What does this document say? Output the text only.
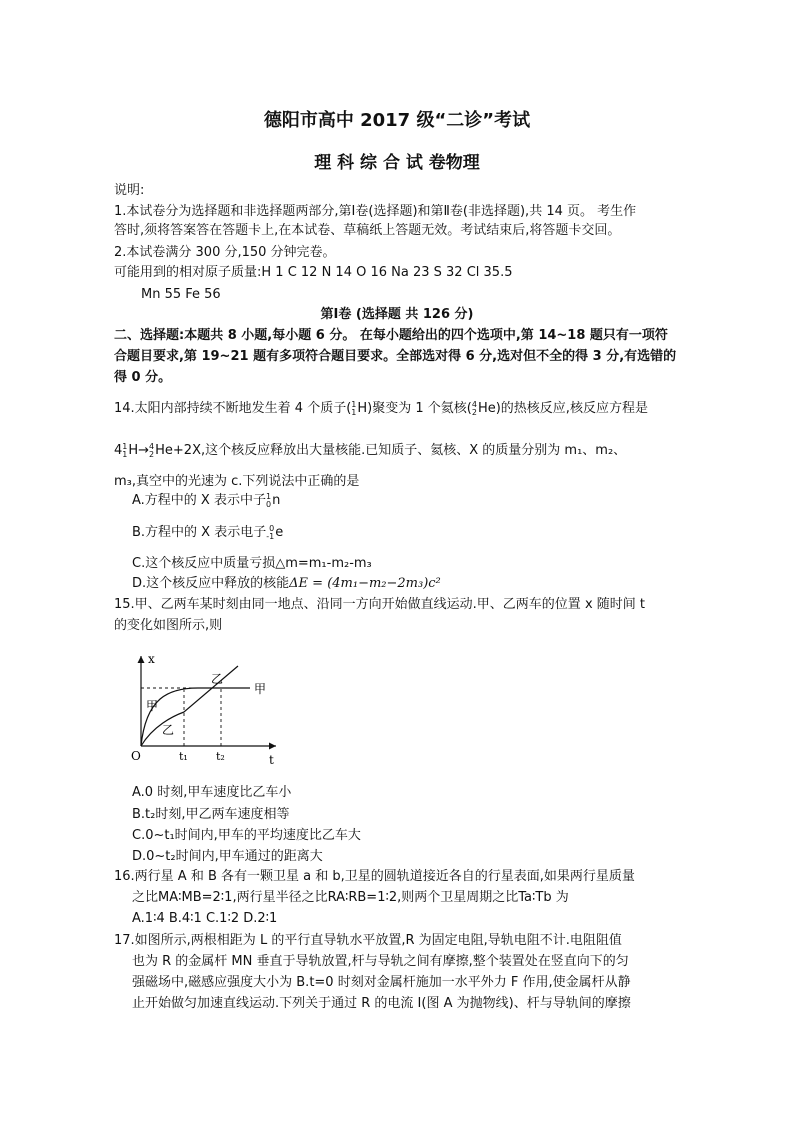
德阳市高中 2017 级“二诊”考试
理 科 综 合 试 卷物理
说明:
1.本试卷分为选择题和非选择题两部分,第Ⅰ卷(选择题)和第Ⅱ卷(非选择题),共 14 页。 考生作
答时,须将答案答在答题卡上,在本试卷、草稿纸上答题无效。考试结束后,将答题卡交回。
2.本试卷满分 300 分,150 分钟完卷。
可能用到的相对原子质量:H 1 C 12 N 14 O 16 Na 23 S 32 Cl 35.5
Mn 55 Fe 56
第Ⅰ卷 (选择题 共 126 分)
二、选择题:本题共 8 小题,每小题 6 分。 在每小题给出的四个选项中,第 14~18 题只有一项符
合题目要求,第 19~21 题有多项符合题目要求。全部选对得 6 分,选对但不全的得 3 分,有选错的
得 0 分。
14.太阳内部持续不断地发生着 4 个质子( 1
1 H)聚变为 1 个氦核( 4
2 He)的热核反应,核反应方程是
4 1
1 H→ 4
2 He+2X,这个核反应释放出大量核能.已知质子、氦核、X 的质量分别为 m₁、m₂、
m₃,真空中的光速为 c.下列说法中正确的是
A.方程中的 X 表示中子 1
0 n
B.方程中的 X 表示电子 0
-1 e
C.这个核反应中质量亏损△m=m₁-m₂-m₃
D.这个核反应中释放的核能ΔE = (4m₁−m₂−2m₃)c²
15.甲、乙两车某时刻由同一地点、沿同一方向开始做直线运动.甲、乙两车的位置 x 随时间 t
的变化如图所示,则
x
t
O	t₁	t₂
甲
乙
乙
甲
A.0 时刻,甲车速度比乙车小
B.t₂时刻,甲乙两车速度相等
C.0~t₁时间内,甲车的平均速度比乙车大
D.0~t₂时间内,甲车通过的距离大
16.两行星 A 和 B 各有一颗卫星 a 和 b,卫星的圆轨道接近各自的行星表面,如果两行星质量
之比MA∶MB=2∶1,两行星半径之比RA∶RB=1∶2,则两个卫星周期之比Ta∶Tb 为
A.1∶4 B.4∶1 C.1∶2 D.2∶1
17.如图所示,两根相距为 L 的平行直导轨水平放置,R 为固定电阻,导轨电阻不计.电阻阻值
也为 R 的金属杆 MN 垂直于导轨放置,杆与导轨之间有摩擦,整个装置处在竖直向下的匀
强磁场中,磁感应强度大小为 B.t=0 时刻对金属杆施加一水平外力 F 作用,使金属杆从静
止开始做匀加速直线运动.下列关于通过 R 的电流 I(图 A 为抛物线)、杆与导轨间的摩擦
